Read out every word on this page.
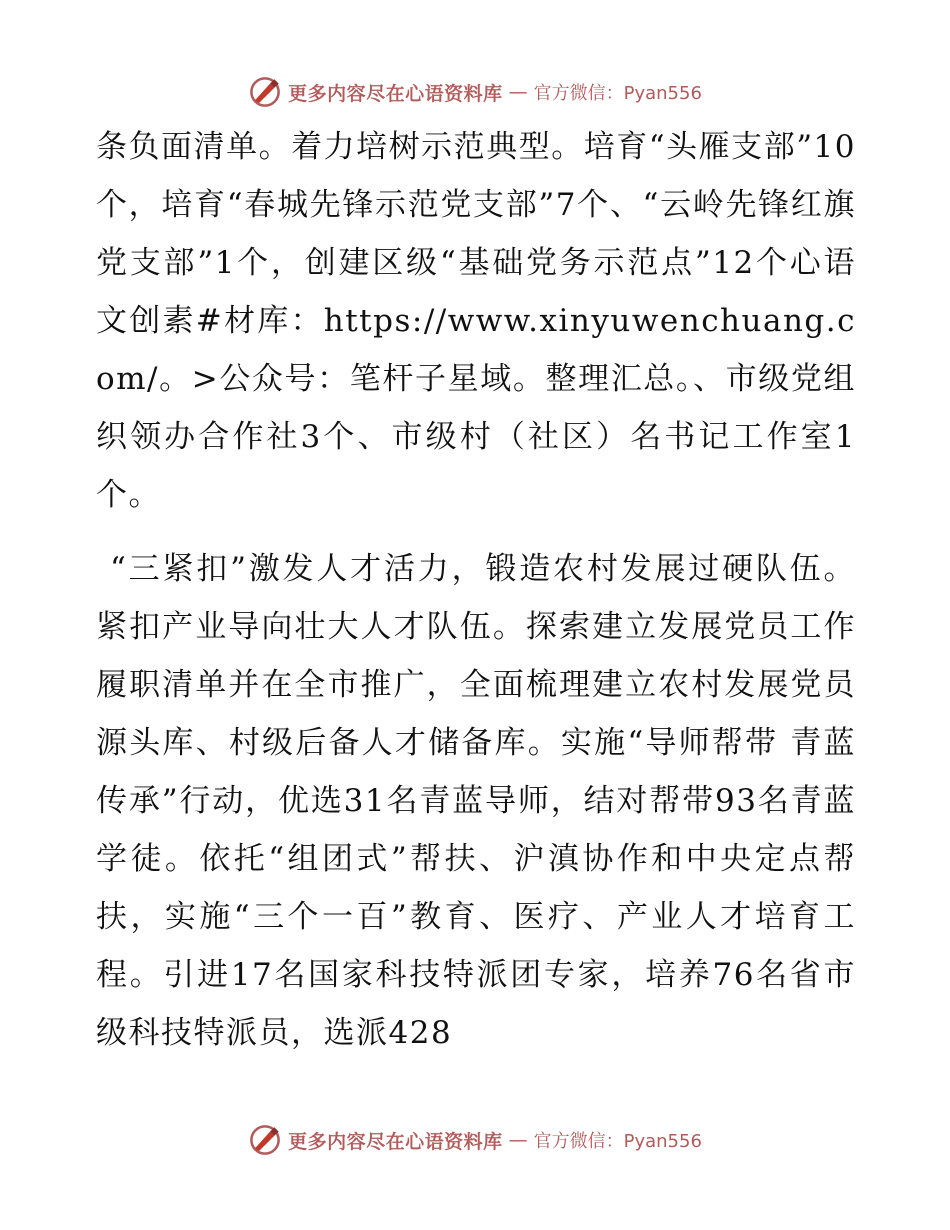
更多内容尽在心语资料库 — 官方微信：Pyan556

条负面清单。着力培树示范典型。培育“头雁支部”10个，培育“春城先锋示范党支部”7个、“云岭先锋红旗党支部”1个，创建区级“基础党务示范点”12个心语文创素#材库：https://www.xinyuwenchuang.com/。>公众号：笔杆子星域。整理汇总。、市级党组织领办合作社3个、市级村（社区）名书记工作室1个。

“三紧扣”激发人才活力，锻造农村发展过硬队伍。紧扣产业导向壮大人才队伍。探索建立发展党员工作履职清单并在全市推广，全面梳理建立农村发展党员源头库、村级后备人才储备库。实施“导师帮带 青蓝传承”行动，优选31名青蓝导师，结对帮带93名青蓝学徒。依托“组团式”帮扶、沪滇协作和中央定点帮扶，实施“三个一百”教育、医疗、产业人才培育工程。引进17名国家科技特派团专家，培养76名省市级科技特派员，选派428

更多内容尽在心语资料库 — 官方微信：Pyan556
